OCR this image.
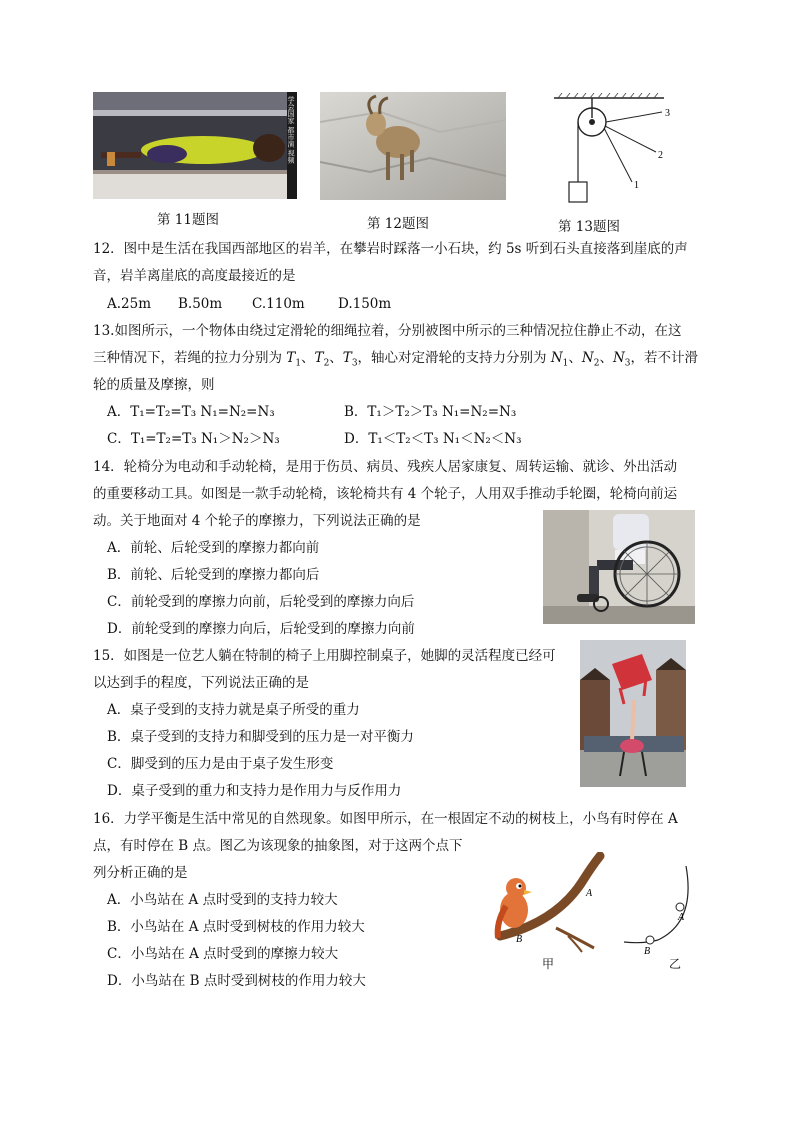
学会国家 都市演 视频
第 11题图	第 12题图
3
2
1
第 13题图
12．图中是生活在我国西部地区的岩羊，在攀岩时踩落一小石块，约 5s 听到石头直接落到崖底的声
音，岩羊离崖底的高度最接近的是
A.25m B.50m C.110m D.150m
13.如图所示，一个物体由绕过定滑轮的细绳拉着，分别被图中所示的三种情况拉住静止不动，在这
三种情况下，若绳的拉力分别为 $T_1$、$T_2$、$T_3$，轴心对定滑轮的支持力分别为 $N_1$、$N_2$、$N_3$，若不计滑
轮的质量及摩擦，则
A．T₁=T₂=T₃ N₁=N₂=N₃	B．T₁＞T₂＞T₃ N₁=N₂=N₃
C．T₁=T₂=T₃ N₁＞N₂＞N₃	D．T₁＜T₂＜T₃ N₁＜N₂＜N₃
14．轮椅分为电动和手动轮椅，是用于伤员、病员、残疾人居家康复、周转运输、就诊、外出活动
的重要移动工具。如图是一款手动轮椅，该轮椅共有 4 个轮子，人用双手推动手轮圈，轮椅向前运
动。关于地面对 4 个轮子的摩擦力，下列说法正确的是
A．前轮、后轮受到的摩擦力都向前
B．前轮、后轮受到的摩擦力都向后
C．前轮受到的摩擦力向前，后轮受到的摩擦力向后
D．前轮受到的摩擦力向后，后轮受到的摩擦力向前
15．如图是一位艺人躺在特制的椅子上用脚控制桌子，她脚的灵活程度已经可
以达到手的程度，下列说法正确的是
A．桌子受到的支持力就是桌子所受的重力
B．桌子受到的支持力和脚受到的压力是一对平衡力
C．脚受到的压力是由于桌子发生形变
D．桌子受到的重力和支持力是作用力与反作用力
16．力学平衡是生活中常见的自然现象。如图甲所示，在一根固定不动的树枝上，小鸟有时停在 A
点，有时停在 B 点。图乙为该现象的抽象图，对于这两个点下
列分析正确的是
A．小鸟站在 A 点时受到的支持力较大
B．小鸟站在 A 点时受到树枝的作用力较大
C．小鸟站在 A 点时受到的摩擦力较大
D．小鸟站在 B 点时受到树枝的作用力较大
A
B
甲
A
B
乙
